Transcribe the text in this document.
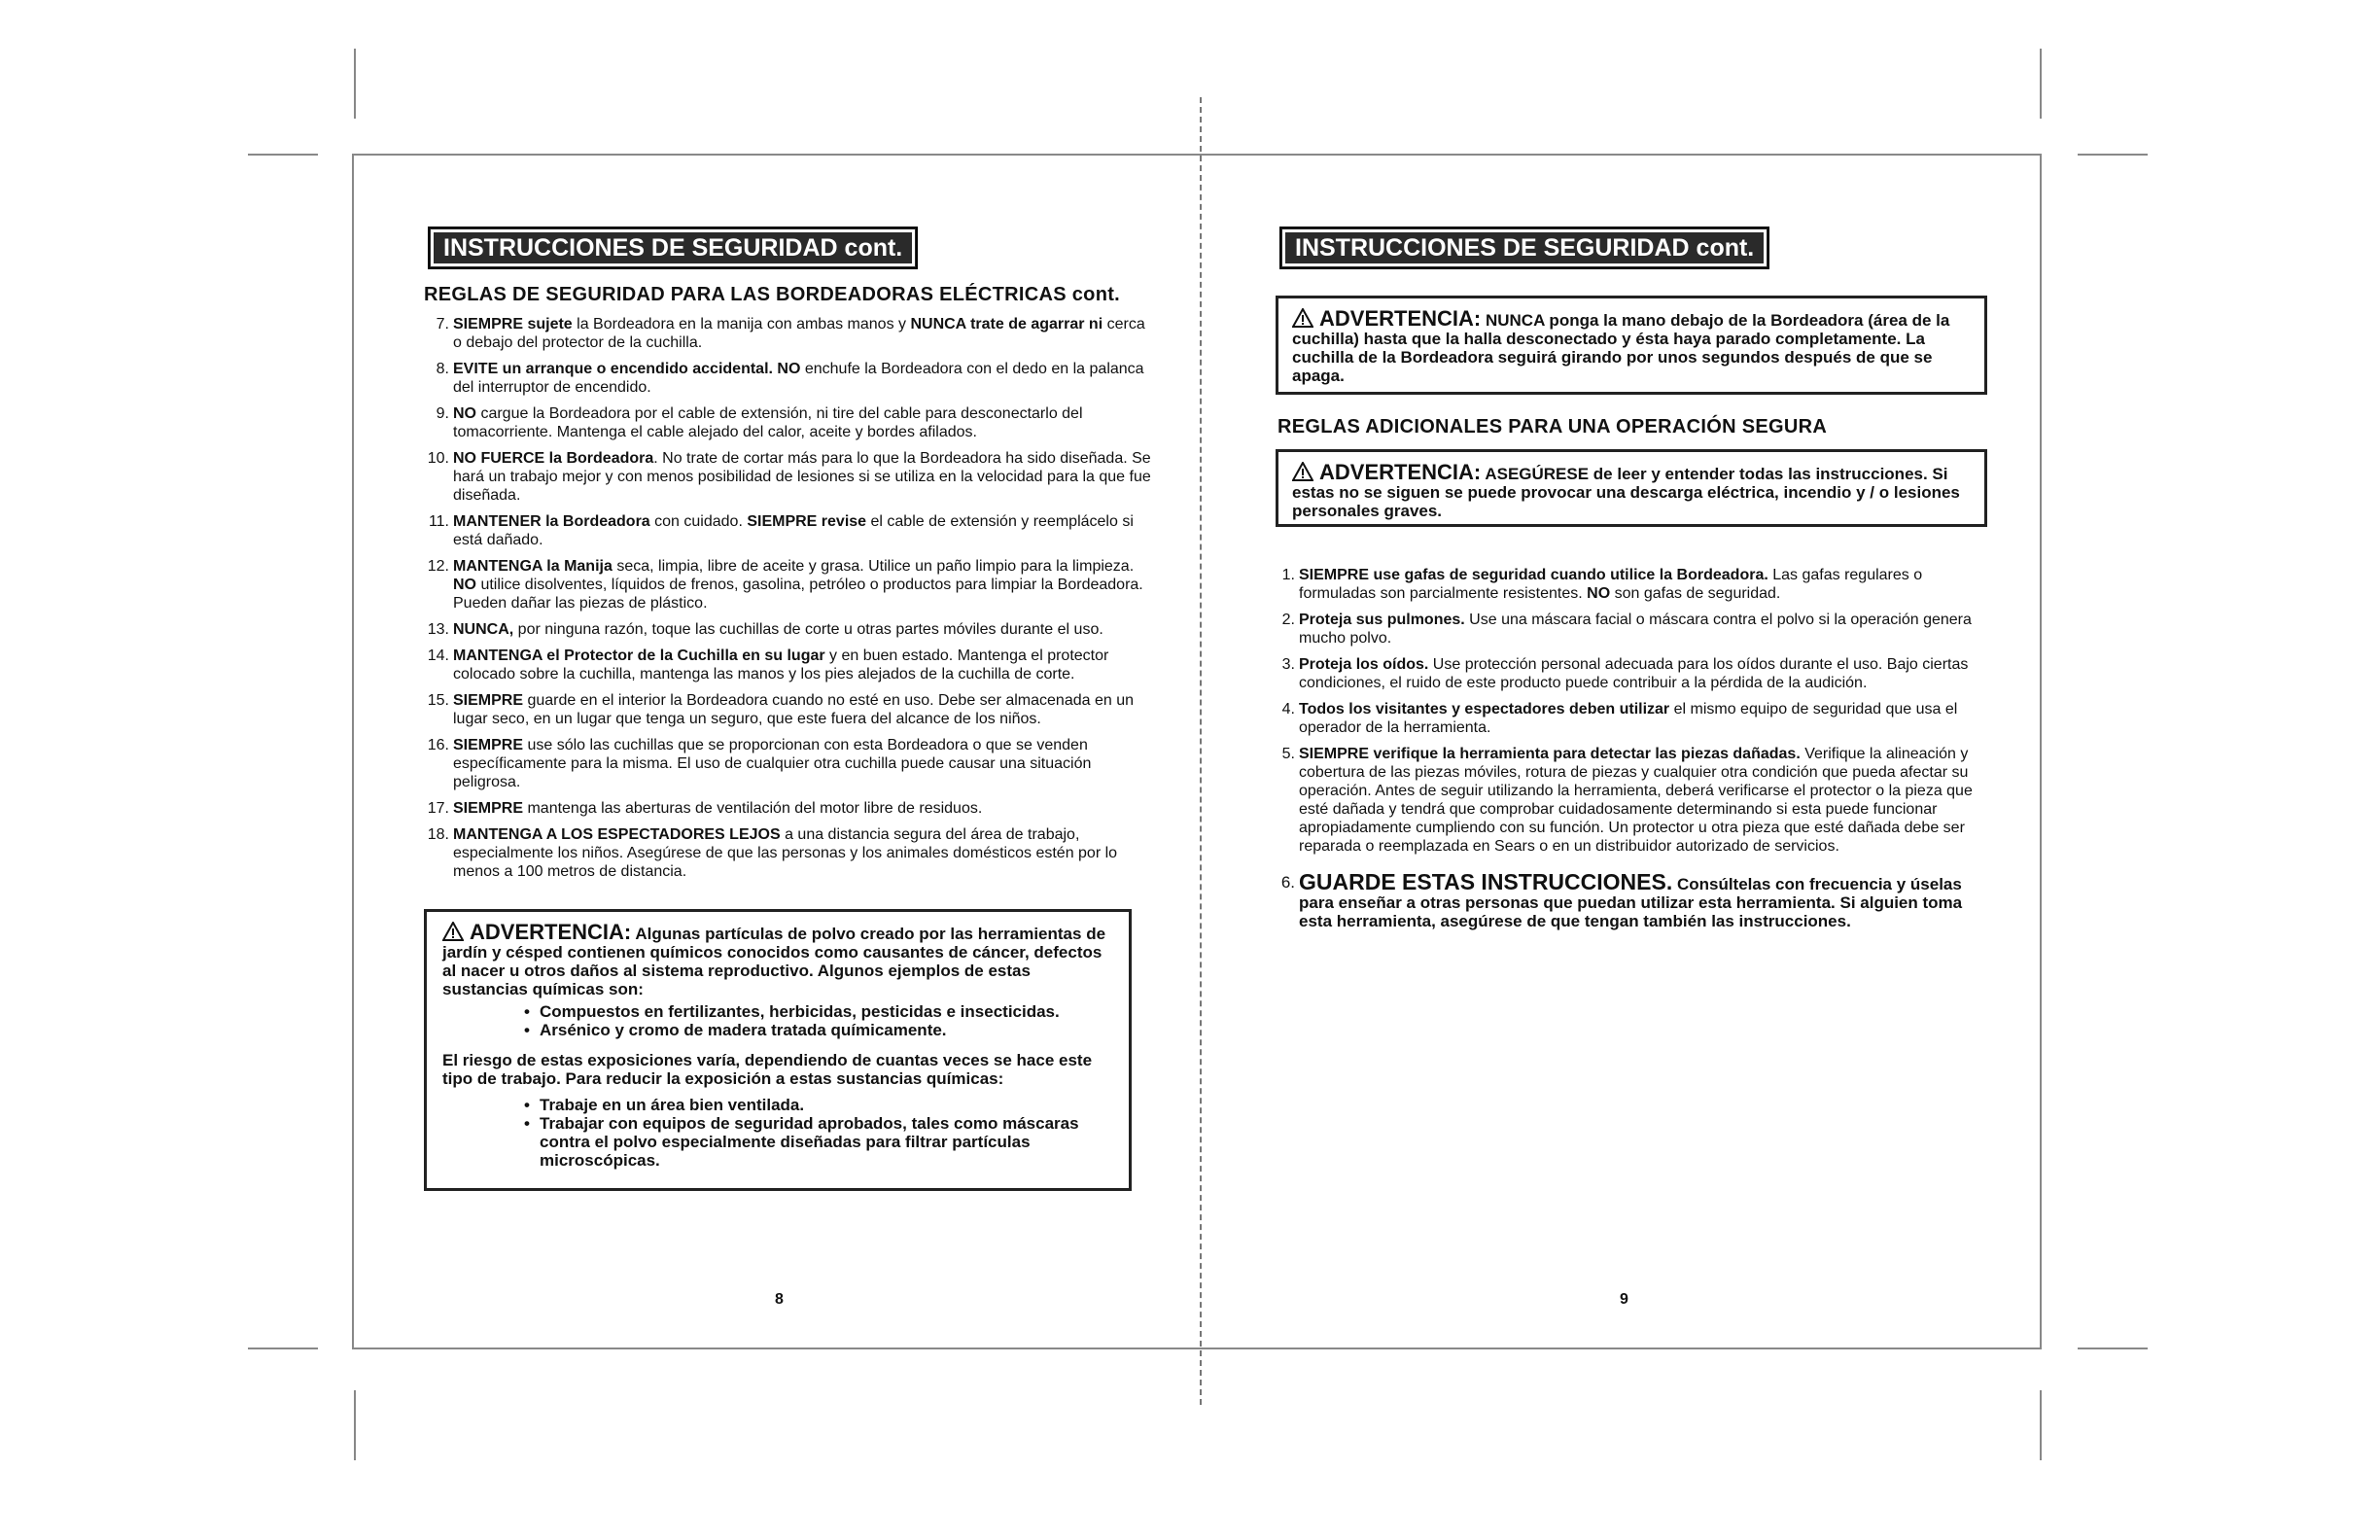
INSTRUCCIONES DE SEGURIDAD cont.
REGLAS DE SEGURIDAD PARA LAS BORDEADORAS ELÉCTRICAS cont.
7. SIEMPRE sujete la Bordeadora en la manija con ambas manos y NUNCA trate de agarrar ni cerca o debajo del protector de la cuchilla.
8. EVITE un arranque o encendido accidental. NO enchufe la Bordeadora con el dedo en la palanca del interruptor de encendido.
9. NO cargue la Bordeadora por el cable de extensión, ni tire del cable para desconectarlo del tomacorriente. Mantenga el cable alejado del calor, aceite y bordes afilados.
10. NO FUERCE la Bordeadora. No trate de cortar más para lo que la Bordeadora ha sido diseñada. Se hará un trabajo mejor y con menos posibilidad de lesiones si se utiliza en la velocidad para la que fue diseñada.
11. MANTENER la Bordeadora con cuidado. SIEMPRE revise el cable de extensión y reemplácelo si está dañado.
12. MANTENGA la Manija seca, limpia, libre de aceite y grasa. Utilice un paño limpio para la limpieza. NO utilice disolventes, líquidos de frenos, gasolina, petróleo o productos para limpiar la Bordeadora. Pueden dañar las piezas de plástico.
13. NUNCA, por ninguna razón, toque las cuchillas de corte u otras partes móviles durante el uso.
14. MANTENGA el Protector de la Cuchilla en su lugar y en buen estado. Mantenga el protector colocado sobre la cuchilla, mantenga las manos y los pies alejados de la cuchilla de corte.
15. SIEMPRE guarde en el interior la Bordeadora cuando no esté en uso. Debe ser almacenada en un lugar seco, en un lugar que tenga un seguro, que este fuera del alcance de los niños.
16. SIEMPRE use sólo las cuchillas que se proporcionan con esta Bordeadora o que se venden específicamente para la misma. El uso de cualquier otra cuchilla puede causar una situación peligrosa.
17. SIEMPRE mantenga las aberturas de ventilación del motor libre de residuos.
18. MANTENGA A LOS ESPECTADORES LEJOS a una distancia segura del área de trabajo, especialmente los niños. Asegúrese de que las personas y los animales domésticos estén por lo menos a 100 metros de distancia.
ADVERTENCIA: Algunas partículas de polvo creado por las herramientas de jardín y césped contienen químicos conocidos como causantes de cáncer, defectos al nacer u otros daños al sistema reproductivo. Algunos ejemplos de estas sustancias químicas son:
• Compuestos en fertilizantes, herbicidas, pesticidas e insecticidas.
• Arsénico y cromo de madera tratada químicamente.
El riesgo de estas exposiciones varía, dependiendo de cuantas veces se hace este tipo de trabajo. Para reducir la exposición a estas sustancias químicas:
• Trabaje en un área bien ventilada.
• Trabajar con equipos de seguridad aprobados, tales como máscaras contra el polvo especialmente diseñadas para filtrar partículas microscópicas.
8
INSTRUCCIONES DE SEGURIDAD cont.
ADVERTENCIA: NUNCA ponga la mano debajo de la Bordeadora (área de la cuchilla) hasta que la halla desconectado y ésta haya parado completamente. La cuchilla de la Bordeadora seguirá girando por unos segundos después de que se apaga.
REGLAS ADICIONALES PARA UNA OPERACIÓN SEGURA
ADVERTENCIA: ASEGÚRESE de leer y entender todas las instrucciones. Si estas no se siguen se puede provocar una descarga eléctrica, incendio y / o lesiones personales graves.
1. SIEMPRE use gafas de seguridad cuando utilice la Bordeadora. Las gafas regulares o formuladas son parcialmente resistentes. NO son gafas de seguridad.
2. Proteja sus pulmones. Use una máscara facial o máscara contra el polvo si la operación genera mucho polvo.
3. Proteja los oídos. Use protección personal adecuada para los oídos durante el uso. Bajo ciertas condiciones, el ruido de este producto puede contribuir a la pérdida de la audición.
4. Todos los visitantes y espectadores deben utilizar el mismo equipo de seguridad que usa el operador de la herramienta.
5. SIEMPRE verifique la herramienta para detectar las piezas dañadas. Verifique la alineación y cobertura de las piezas móviles, rotura de piezas y cualquier otra condición que pueda afectar su operación. Antes de seguir utilizando la herramienta, deberá verificarse el protector o la pieza que esté dañada y tendrá que comprobar cuidadosamente determinando si esta puede funcionar apropiadamente cumpliendo con su función. Un protector u otra pieza que esté dañada debe ser reparada o reemplazada en Sears o en un distribuidor autorizado de servicios.
6. GUARDE ESTAS INSTRUCCIONES. Consúltelas con frecuencia y úselas para enseñar a otras personas que puedan utilizar esta herramienta. Si alguien toma esta herramienta, asegúrese de que tengan también las instrucciones.
9
